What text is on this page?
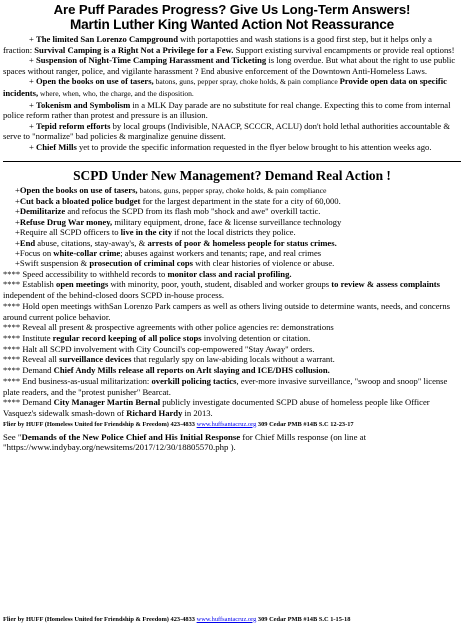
Are Puff Parades Progress? Give Us Long-Term Answers!

Martin Luther King Wanted Action Not Reassurance

+ The limited San Lorenzo Campground with portapotties and wash stations is a good first step, but it helps only a fraction: Survival Camping is a Right Not a Privilege for a Few. Support existing survival encampments or provide real options!

+ Suspension of Night-Time Camping Harassment and Ticketing is long overdue. But what about the right to use public spaces without ranger, police, and vigilante harassment ? End abusive enforcement of the Downtown Anti-Homeless Laws.

+ Open the books on use of tasers, batons, guns, pepper spray, choke holds, & pain compliance Provide open data on specific incidents, where, when, who, the charge, and the disposition.

+ Tokenism and Symbolism in a MLK Day parade are no substitute for real change. Expecting this to come from internal police reform rather than protest and pressure is an illusion.

+ Tepid reform efforts by local groups (Indivisible, NAACP, SCCCR, ACLU) don't hold lethal authorities accountable & serve to "normalize" bad policies & marginalize genuine dissent.

+ Chief Mills yet to provide the specific information requested in the flyer below brought to his attention weeks ago.

SCPD Under New Management? Demand Real Action !

+Open the books on use of tasers, batons, guns, pepper spray, choke holds, & pain compliance

+Cut back a bloated police budget for the largest department in the state for a city of 60,000.

+Demilitarize and refocus the SCPD from its flash mob "shock and awe" overkill tactic.

+Refuse Drug War money, military equipment, drone, face & license surveillance technology

+Require all SCPD officers to live in the city if not the local districts they police.

+End abuse, citations, stay-away's, & arrests of poor & homeless people for status crimes.

+Focus on white-collar crime; abuses against workers and tenants; rape, and real crimes

+Swift suspension & prosecution of criminal cops with clear histories of violence or abuse.

**** Speed accessibility to withheld records to monitor class and racial profiling.

**** Establish open meetings with minority, poor, youth, student, disabled and worker groups to review & assess complaints independent of the behind-closed doors SCPD in-house process.

**** Hold open meetings withSan Lorenzo Park campers as well as others living outside to determine wants, needs, and concerns around current police behavior.

**** Reveal all present & prospective agreements with other police agencies re: demonstrations

**** Institute regular record keeping of all police stops involving detention or citation.

**** Halt all SCPD involvement with City Council's cop-empowered "Stay Away" orders.

**** Reveal all surveillance devices that regularly spy on law-abiding locals without a warrant.

**** Demand Chief Andy Mills release all reports on Arlt slaying and ICE/DHS collusion.

**** End business-as-usual militarization: overkill policing tactics, ever-more invasive surveillance, "swoop and snoop" license plate readers, and the "protest punisher" Bearcat.

**** Demand City Manager Martin Bernal publicly investigate documented SCPD abuse of homeless people like Officer Vasquez's sidewalk smash-down of Richard Hardy in 2013.

Flier by HUFF (Homeless United for Friendship & Freedom) 423-4833 www.huffsantacruz.org 309 Cedar PMB #14B S.C 12-23-17

See "Demands of the New Police Chief and His Initial Response for Chief Mills response (on line at "https://www.indybay.org/newsitems/2017/12/30/18805570.php ).

Flier by HUFF (Homeless United for Friendship & Freedom) 423-4833 www.huffsantacruz.org 309 Cedar PMB #14B S.C 1-15-18
